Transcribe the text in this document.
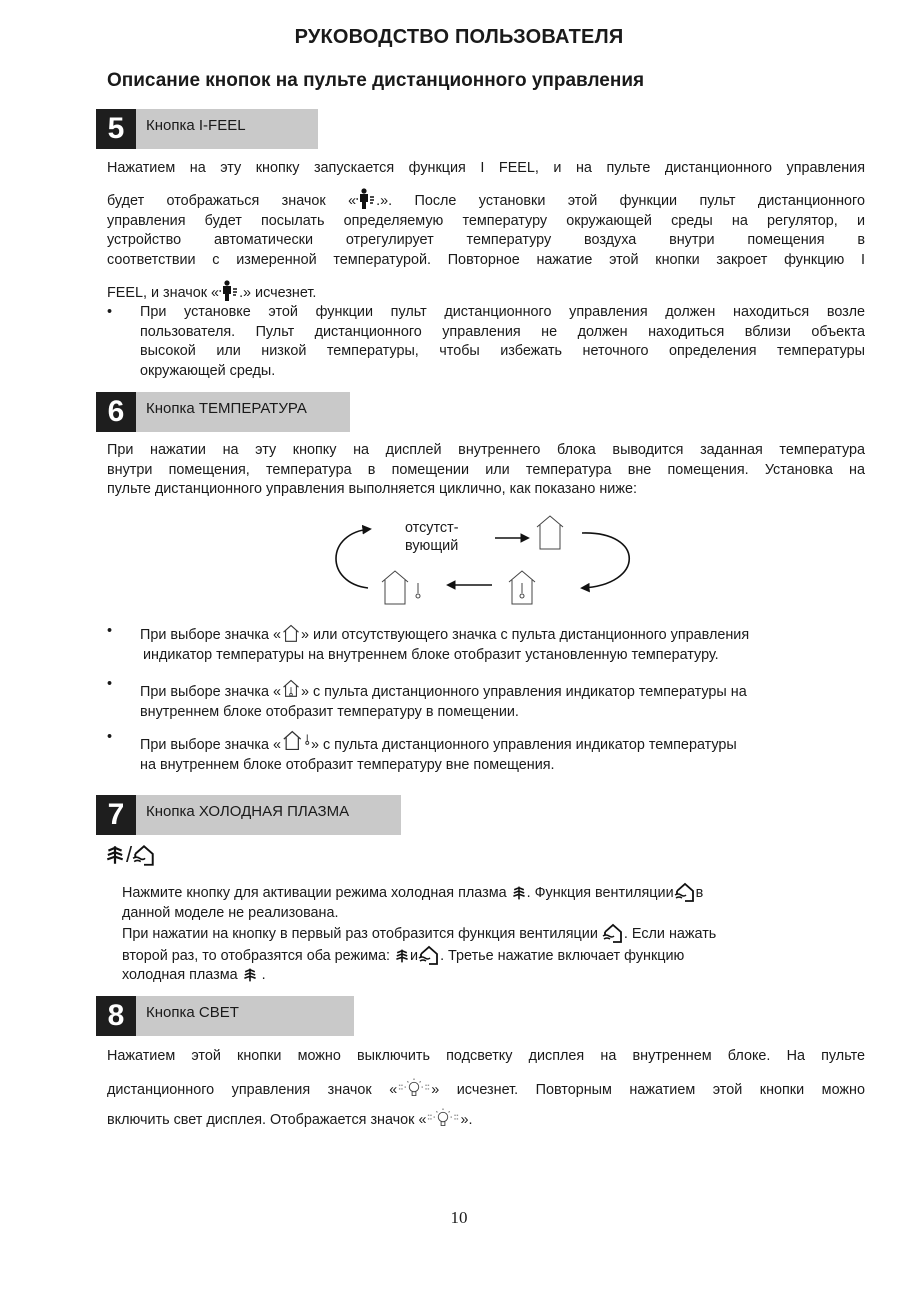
РУКОВОДСТВО ПОЛЬЗОВАТЕЛЯ
Описание кнопок на пульте дистанционного управления
5	Кнопка I-FEEL
Нажатием на эту кнопку запускается функция I FEEL, и на пульте дистанционного управления
будет отображаться значок « .». После установки этой функции пульт дистанционного
управления будет посылать определяемую температуру окружающей среды на регулятор, и
устройство автоматически отрегулирует температуру воздуха внутри помещения в
соответствии с измеренной температурой. Повторное нажатие этой кнопки закроет функцию I
FEEL, и значок « .» исчезнет.
• При установке этой функции пульт дистанционного управления должен находиться возле
пользователя. Пульт дистанционного управления не должен находиться вблизи объекта
высокой или низкой температуры, чтобы избежать неточного определения температуры
окружающей среды.
6	Кнопка ТЕМПЕРАТУРА
При нажатии на эту кнопку на дисплей внутреннего блока выводится заданная температура
внутри помещения, температура в помещении или температура вне помещения. Установка на
пульте дистанционного управления выполняется циклично, как показано ниже:
отсутст-
вующий
• При выборе значка « » или отсутствующего значка с пульта дистанционного управления
индикатор температуры на внутреннем блоке отобразит установленную температуру.
• При выборе значка « » с пульта дистанционного управления индикатор температуры на
внутреннем блоке отобразит температуру в помещении.
• При выборе значка « » с пульта дистанционного управления индикатор температуры
на внутреннем блоке отобразит температуру вне помещения.
7	Кнопка ХОЛОДНАЯ ПЛАЗМА
/
Нажмите кнопку для активации режима холодная плазма . Функция вентиляции в
данной моделе не реализована.
При нажатии на кнопку в первый раз отобразится функция вентиляции . Если нажать
второй раз, то отобразятся оба режима: и . Третье нажатие включает функцию
холодная плазма .
8	Кнопка СВЕТ
Нажатием этой кнопки можно выключить подсветку дисплея на внутреннем блоке. На пульте
дистанционного управления значок « » исчезнет. Повторным нажатием этой кнопки можно
включить свет дисплея. Отображается значок « ».
10
